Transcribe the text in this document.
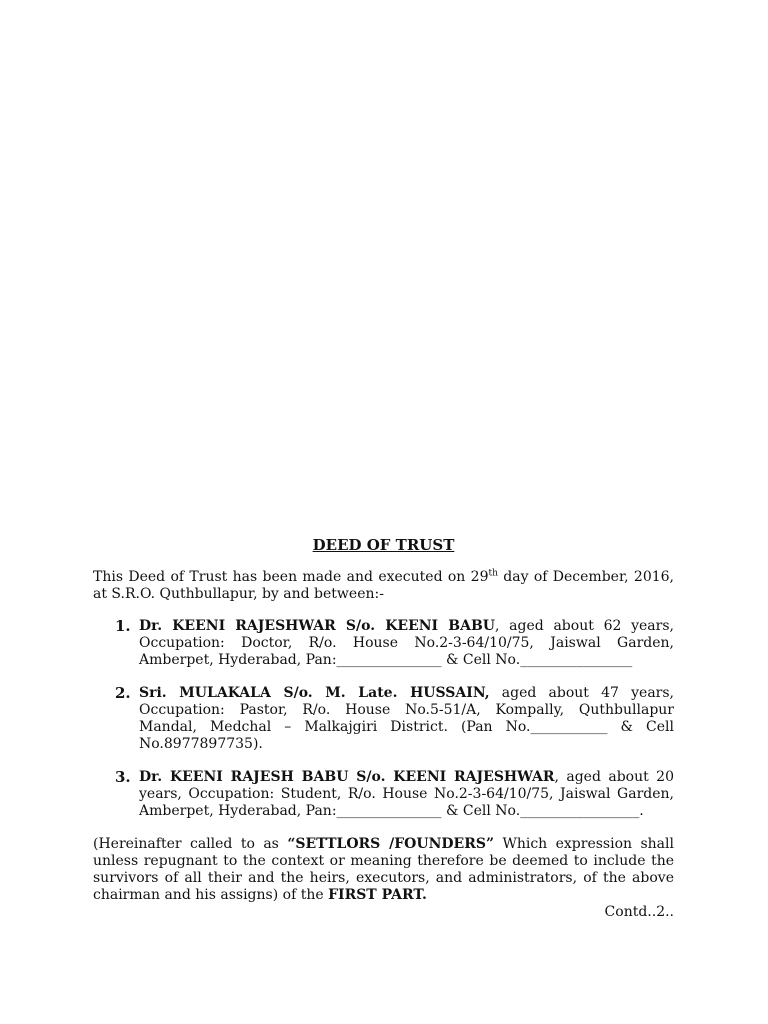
DEED OF TRUST

This Deed of Trust has been made and executed on 29th day of December, 2016, at S.R.O. Quthbullapur, by and between:-

1. Dr. KEENI RAJESHWAR S/o. KEENI BABU, aged about 62 years, Occupation: Doctor, R/o. House No.2-3-64/10/75, Jaiswal Garden, Amberpet, Hyderabad, Pan:_______________ & Cell No.________________
2. Sri. MULAKALA S/o. M. Late. HUSSAIN, aged about 47 years, Occupation: Pastor, R/o. House No.5-51/A, Kompally, Quthbullapur Mandal, Medchal – Malkajgiri District. (Pan No.___________ & Cell No.8977897735).
3. Dr. KEENI RAJESH BABU S/o. KEENI RAJESHWAR, aged about 20 years, Occupation: Student, R/o. House No.2-3-64/10/75, Jaiswal Garden, Amberpet, Hyderabad, Pan:_______________ & Cell No._________________.

(Hereinafter called to as “SETTLORS /FOUNDERS” Which expression shall unless repugnant to the context or meaning therefore be deemed to include the survivors of all their and the heirs, executors, and administrators, of the above chairman and his assigns) of the FIRST PART.

Contd..2..
